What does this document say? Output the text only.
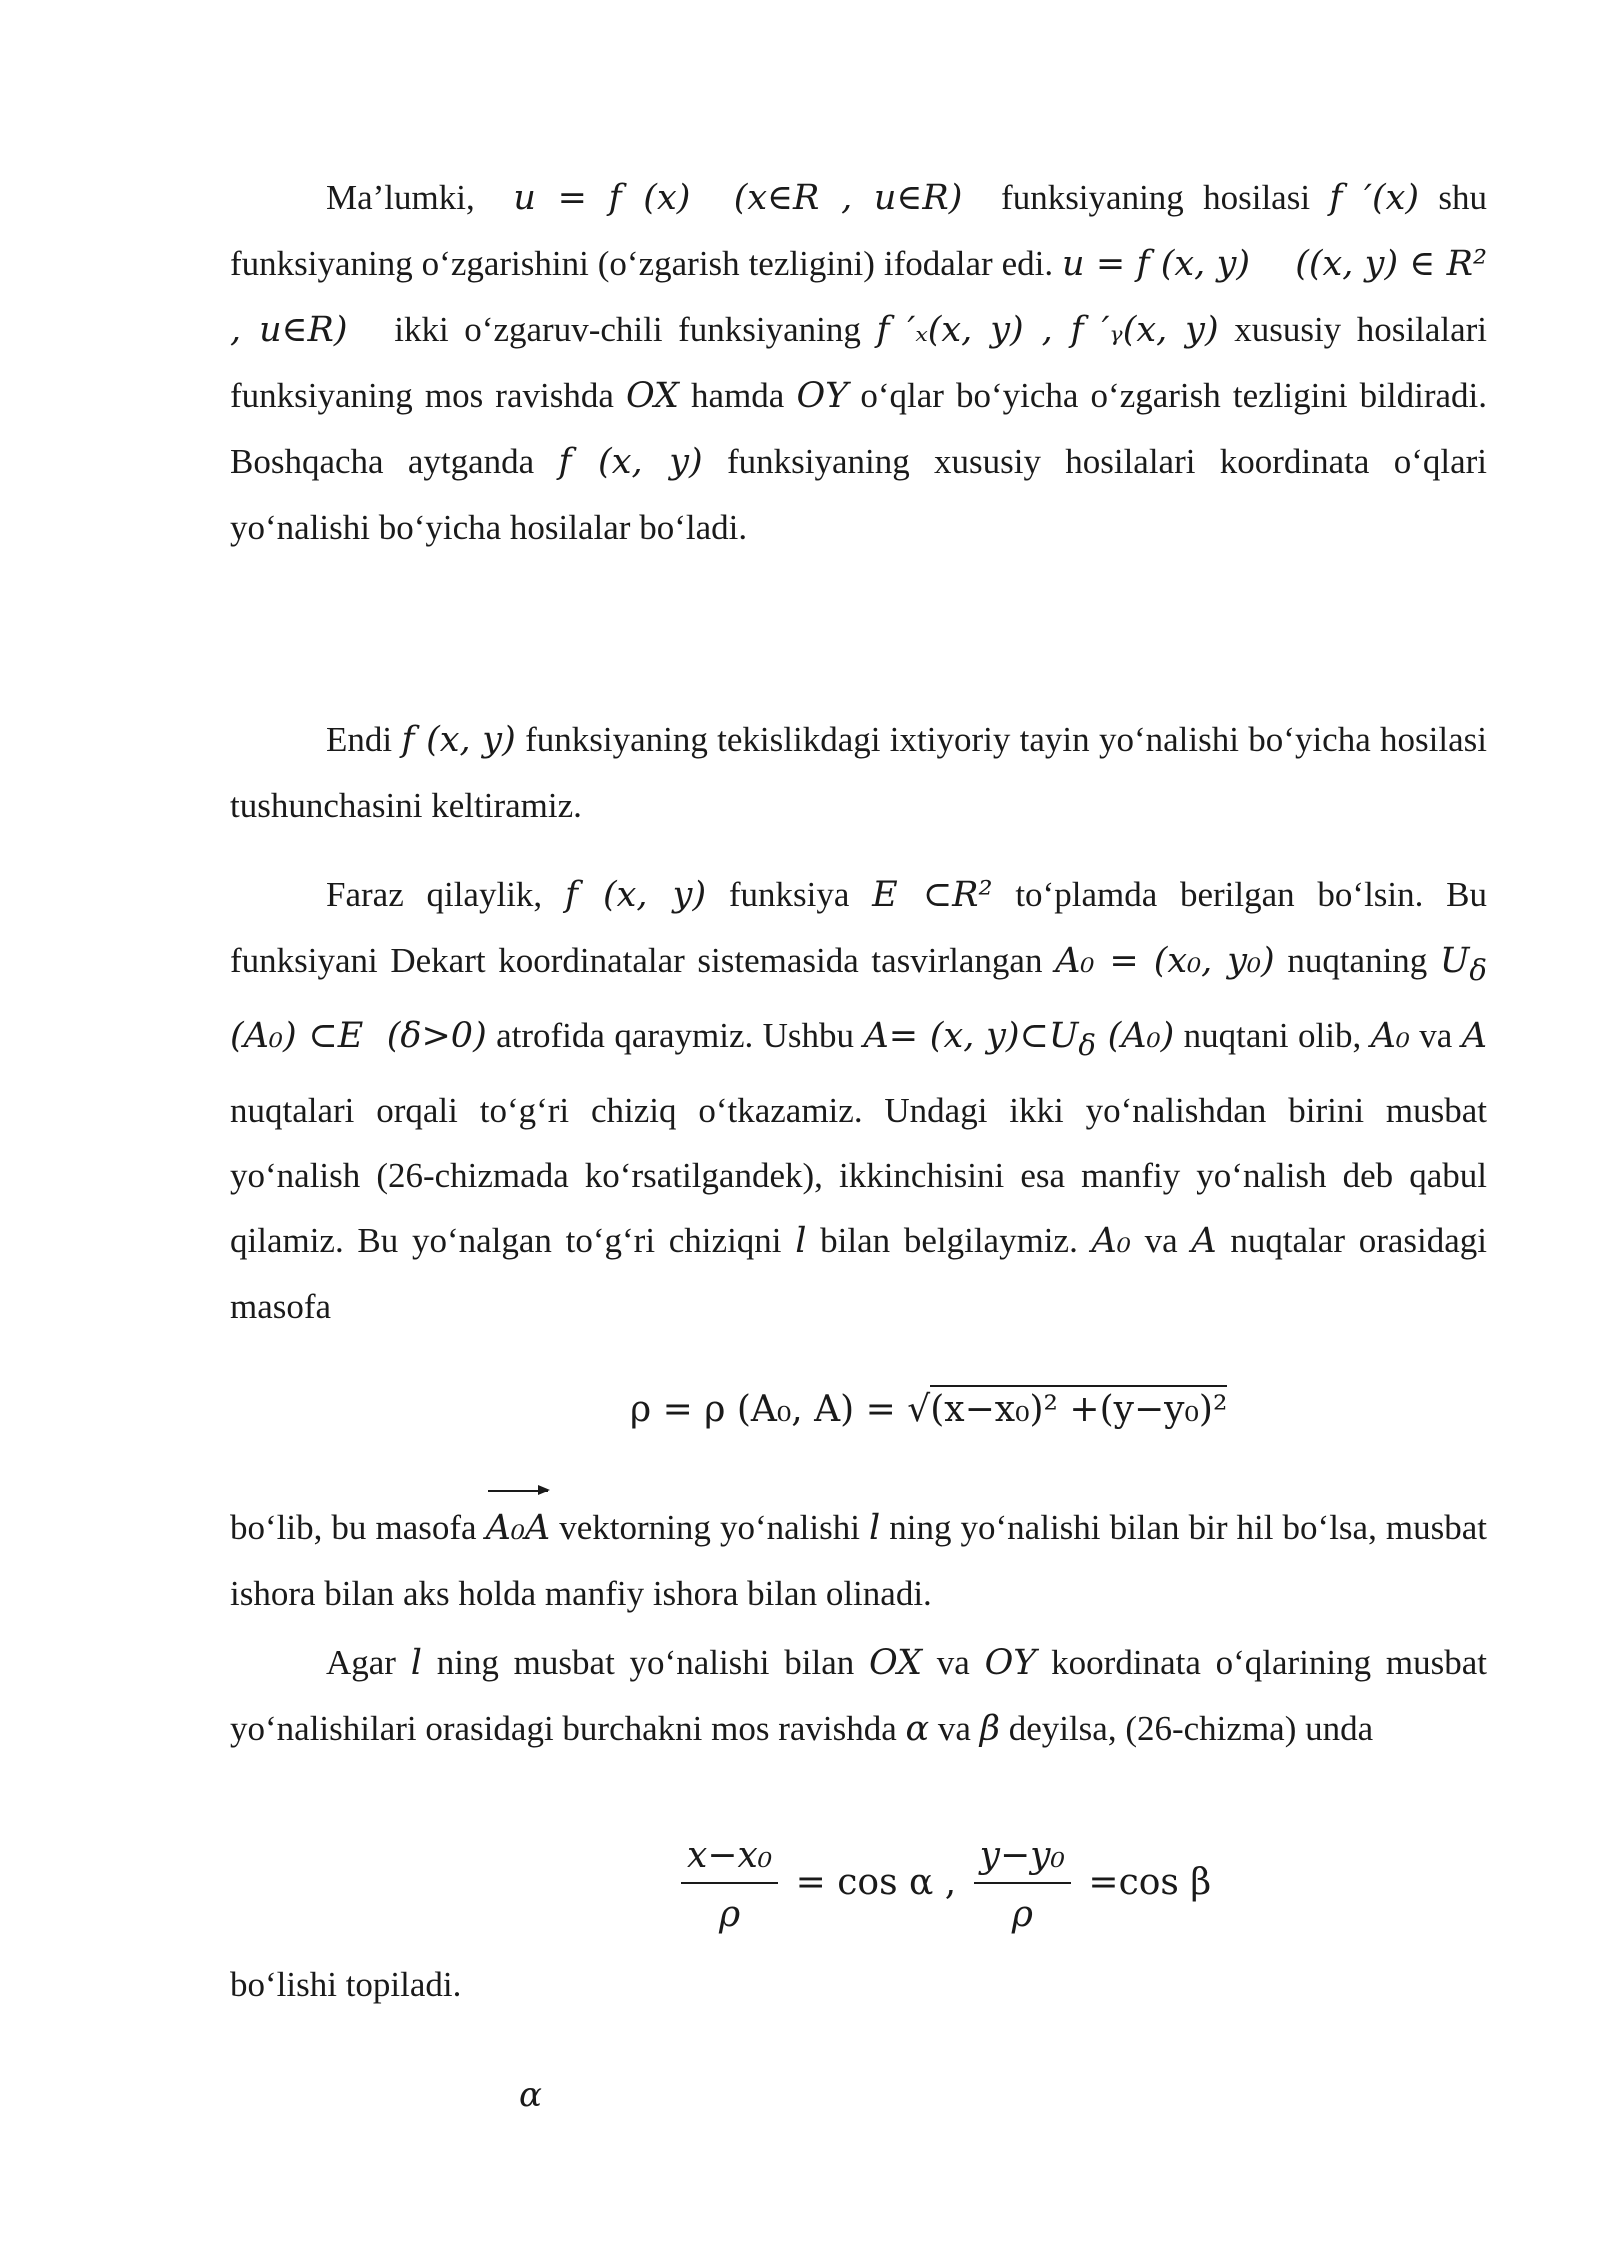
Ma’lumki,  u = f (x)  (x∈R , u∈R)  funksiyaning hosilasi f ′(x) shu funksiyaning o‘zgarishini (o‘zgarish tezligini) ifodalar edi. u = f (x, y)    ((x, y) ∈ R² , u∈R)   ikki o‘zgaruv-chili funksiyaning f ′ₓ(x, y) , f ′ᵧ(x, y) xususiy hosilalari funksiyaning mos ravishda OX hamda OY o‘qlar bo‘yicha o‘zgarish tezligini bildiradi. Boshqacha aytganda f (x, y) funksiyaning xususiy hosilalari koordinata o‘qlari yo‘nalishi bo‘yicha hosilalar bo‘ladi.
Endi f (x, y) funksiyaning tekislikdagi ixtiyoriy tayin yo‘nalishi bo‘yicha hosilasi tushunchasini keltiramiz.
Faraz qilaylik, f (x, y) funksiya E ⊂R² to‘plamda berilgan bo‘lsin. Bu funksiyani Dekart koordinatalar sistemasida tasvirlangan A₀ = (x₀, y₀) nuqtaning $U_\delta$ (A₀) ⊂E  (δ>0) atrofida qaraymiz. Ushbu A= (x, $y)\subset U_\delta$ (A₀) nuqtani olib, A₀ va A nuqtalari orqali to‘g‘ri chiziq o‘tkazamiz. Undagi ikki yo‘nalishdan birini musbat yo‘nalish (26-chizmada ko‘rsatilgandek), ikkinchisini esa manfiy yo‘nalish deb qabul qilamiz. Bu yo‘nalgan to‘g‘ri chiziqni l bilan belgilaymiz. A₀ va A nuqtalar orasidagi masofa
ρ = ρ (A₀, A) = √(x−x₀)² +(y−y₀)²
bo‘lib, bu masofa A₀A vektorning yo‘nalishi l ning yo‘nalishi bilan bir hil bo‘lsa, musbat ishora bilan aks holda manfiy ishora bilan olinadi.
Agar l ning musbat yo‘nalishi bilan OX va OY koordinata o‘qlarining musbat yo‘nalishilari orasidagi burchakni mos ravishda α va β deyilsa, (26-chizma) unda
$\frac{\text{x−x₀}}{\rho} = \cos \alpha$ , $\frac{\text{y−y₀}}{\rho} =\cos$ β
bo‘lishi topiladi.
α
